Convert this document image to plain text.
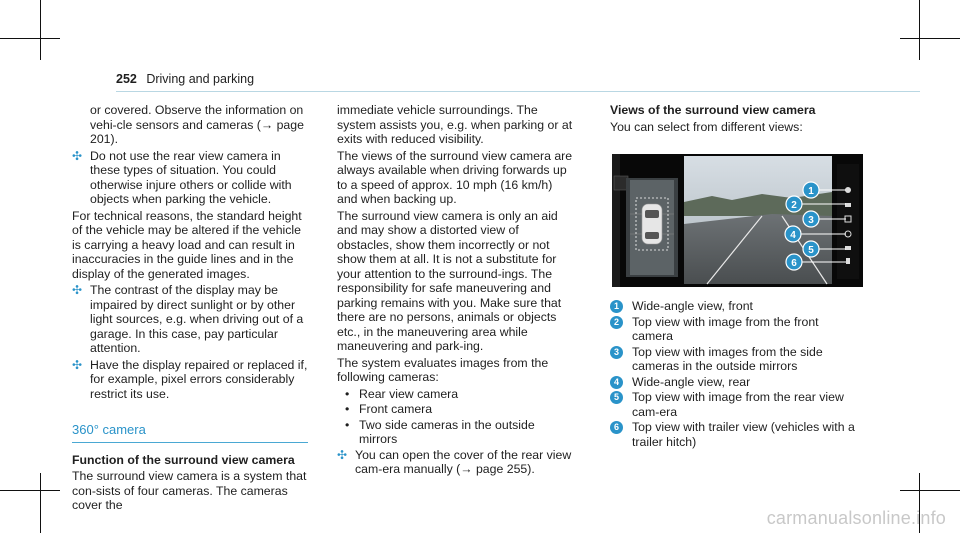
252 Driving and parking

or covered. Observe the information on vehi-cle sensors and cameras (→ page 201).

✣ Do not use the rear view camera in these types of situation. You could otherwise injure others or collide with objects when parking the vehicle.

For technical reasons, the standard height of the vehicle may be altered if the vehicle is carrying a heavy load and can result in inaccuracies in the guide lines and in the display of the generated images.

✣ The contrast of the display may be impaired by direct sunlight or by other light sources, e.g. when driving out of a garage. In this case, pay particular attention.
✣ Have the display repaired or replaced if, for example, pixel errors considerably restrict its use.
360° camera

Function of the surround view camera

The surround view camera is a system that con-sists of four cameras. The cameras cover the

immediate vehicle surroundings. The system assists you, e.g. when parking or at exits with reduced visibility.

The views of the surround view camera are always available when driving forwards up to a speed of approx. 10 mph (16 km/h) and when backing up.

The surround view camera is only an aid and may show a distorted view of obstacles, show them incorrectly or not show them at all. It is not a substitute for your attention to the surround-ings. The responsibility for safe maneuvering and parking remains with you. Make sure that there are no persons, animals or objects etc., in the maneuvering area while maneuvering and park-ing.

The system evaluates images from the following cameras:

• Rear view camera
• Front camera
• Two side cameras in the outside mirrors
✣ You can open the cover of the rear view cam-era manually (→ page 255).

Views of the surround view camera

You can select from different views:

1
2
3
4
5
6
1	Wide-angle view, front
2	Top view with image from the front camera
3	Top view with images from the side cameras in the outside mirrors
4	Wide-angle view, rear
5	Top view with image from the rear view cam-era
6	Top view with trailer view (vehicles with a trailer hitch)
carmanualsonline.info
